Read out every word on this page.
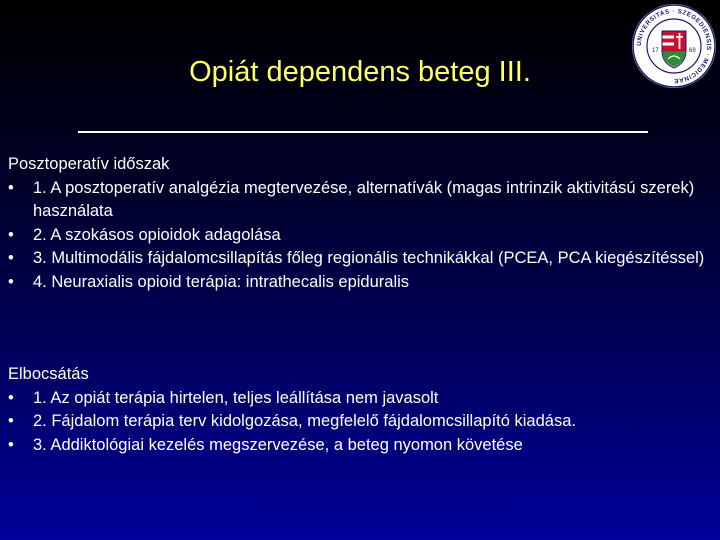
Opiát dependens beteg III.
UNIVERSITAS · SZEGEDIENSIS · MEDICINAE
17	69
Posztoperatív időszak
• 1. A posztoperatív analgézia megtervezése, alternatívák (magas intrinzik aktivitású szerek) használata
• 2. A szokásos opioidok adagolása
• 3. Multimodális fájdalomcsillapítás főleg regionális technikákkal (PCEA, PCA kiegészítéssel)
• 4. Neuraxialis opioid terápia: intrathecalis epiduralis
Elbocsátás
• 1. Az opiát terápia hirtelen, teljes leállítása nem javasolt
• 2. Fájdalom terápia terv kidolgozása, megfelelő fájdalomcsillapító kiadása.
• 3. Addiktológiai kezelés megszervezése, a beteg nyomon követése
